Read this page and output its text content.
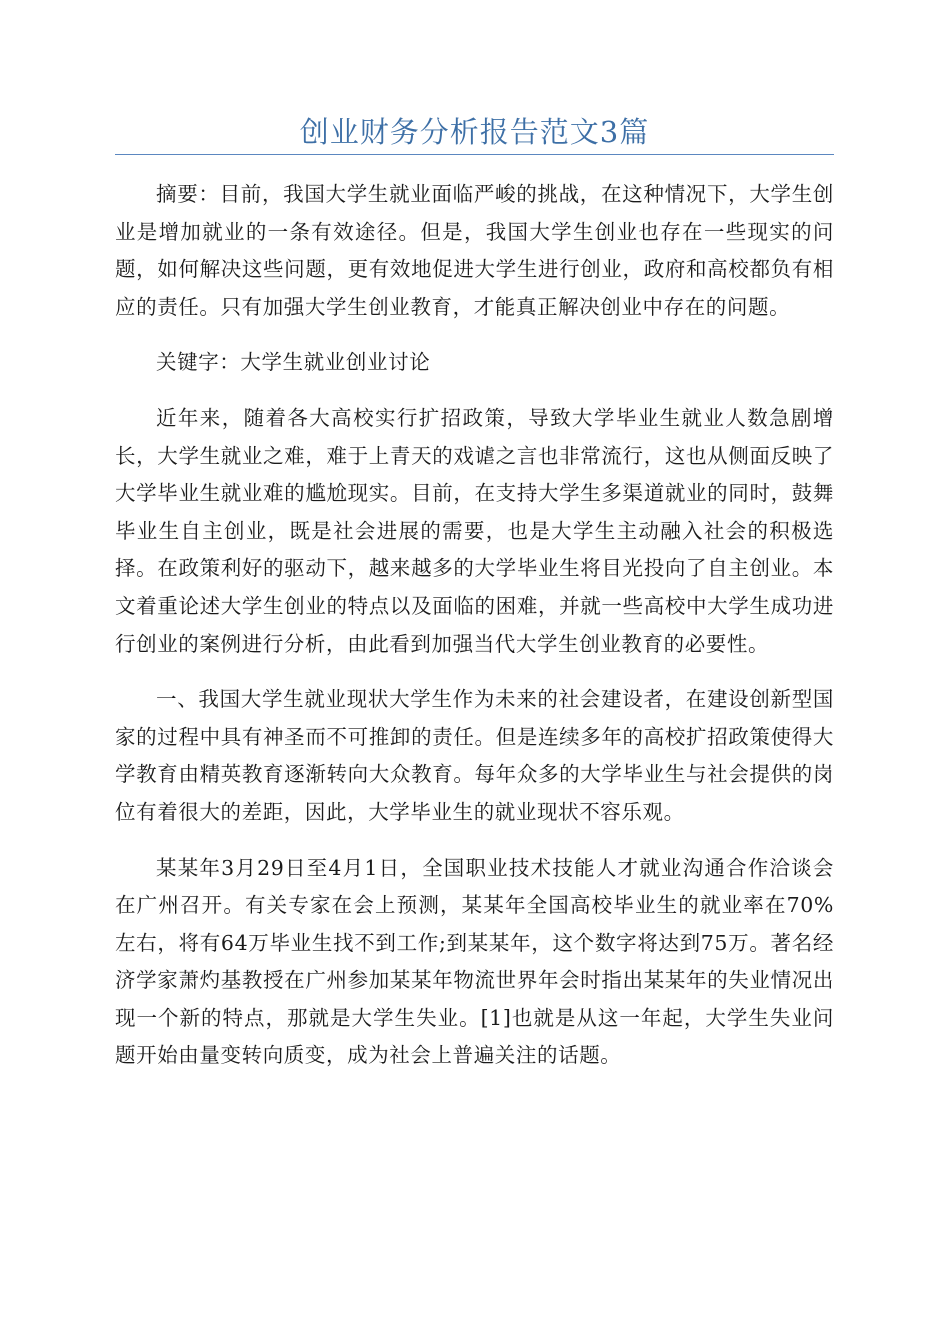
创业财务分析报告范文3篇

摘要：目前，我国大学生就业面临严峻的挑战，在这种情况下，大学生创业是增加就业的一条有效途径。但是，我国大学生创业也存在一些现实的问题，如何解决这些问题，更有效地促进大学生进行创业，政府和高校都负有相应的责任。只有加强大学生创业教育，才能真正解决创业中存在的问题。

关键字：大学生就业创业讨论

近年来，随着各大高校实行扩招政策，导致大学毕业生就业人数急剧增长，大学生就业之难，难于上青天的戏谑之言也非常流行，这也从侧面反映了大学毕业生就业难的尴尬现实。目前，在支持大学生多渠道就业的同时，鼓舞毕业生自主创业，既是社会进展的需要，也是大学生主动融入社会的积极选择。在政策利好的驱动下，越来越多的大学毕业生将目光投向了自主创业。本文着重论述大学生创业的特点以及面临的困难，并就一些高校中大学生成功进行创业的案例进行分析，由此看到加强当代大学生创业教育的必要性。

一、我国大学生就业现状大学生作为未来的社会建设者，在建设创新型国家的过程中具有神圣而不可推卸的责任。但是连续多年的高校扩招政策使得大学教育由精英教育逐渐转向大众教育。每年众多的大学毕业生与社会提供的岗位有着很大的差距，因此，大学毕业生的就业现状不容乐观。

某某年3月29日至4月1日，全国职业技术技能人才就业沟通合作洽谈会在广州召开。有关专家在会上预测，某某年全国高校毕业生的就业率在70%左右，将有64万毕业生找不到工作;到某某年，这个数字将达到75万。著名经济学家萧灼基教授在广州参加某某年物流世界年会时指出某某年的失业情况出现一个新的特点，那就是大学生失业。[1]也就是从这一年起，大学生失业问题开始由量变转向质变，成为社会上普遍关注的话题。
